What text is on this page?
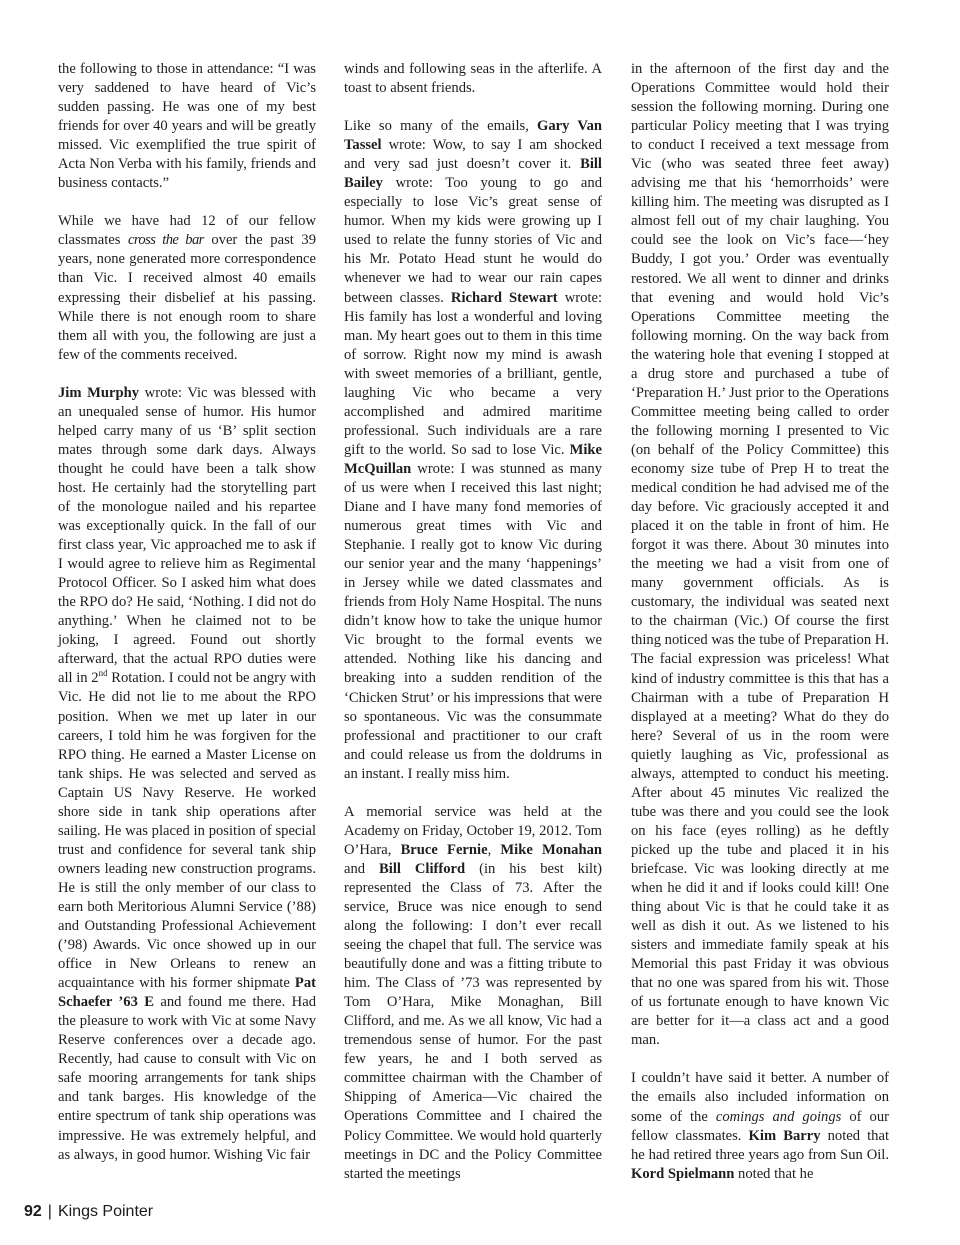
the following to those in attendance: “I was very saddened to have heard of Vic’s sudden passing. He was one of my best friends for over 40 years and will be greatly missed. Vic exemplified the true spirit of Acta Non Verba with his family, friends and business contacts.”

While we have had 12 of our fellow classmates cross the bar over the past 39 years, none generated more correspondence than Vic. I received almost 40 emails expressing their disbelief at his passing. While there is not enough room to share them all with you, the following are just a few of the comments received.

Jim Murphy wrote: Vic was blessed with an unequaled sense of humor. His humor helped carry many of us ‘B’ split section mates through some dark days. Always thought he could have been a talk show host. He certainly had the storytelling part of the monologue nailed and his repartee was exceptionally quick. In the fall of our first class year, Vic approached me to ask if I would agree to relieve him as Regimental Protocol Officer. So I asked him what does the RPO do? He said, ‘Nothing. I did not do anything.’ When he claimed not to be joking, I agreed. Found out shortly afterward, that the actual RPO duties were all in 2nd Rotation. I could not be angry with Vic. He did not lie to me about the RPO position. When we met up later in our careers, I told him he was forgiven for the RPO thing. He earned a Master License on tank ships. He was selected and served as Captain US Navy Reserve. He worked shore side in tank ship operations after sailing. He was placed in position of special trust and confidence for several tank ship owners leading new construction programs. He is still the only member of our class to earn both Meritorious Alumni Service (’88) and Outstanding Professional Achievement (’98) Awards. Vic once showed up in our office in New Orleans to renew an acquaintance with his former shipmate Pat Schaefer ’63 E and found me there. Had the pleasure to work with Vic at some Navy Reserve conferences over a decade ago. Recently, had cause to consult with Vic on safe mooring arrangements for tank ships and tank barges. His knowledge of the entire spectrum of tank ship operations was impressive. He was extremely helpful, and as always, in good humor. Wishing Vic fair

winds and following seas in the afterlife. A toast to absent friends.

Like so many of the emails, Gary Van Tassel wrote: Wow, to say I am shocked and very sad just doesn’t cover it. Bill Bailey wrote: Too young to go and especially to lose Vic’s great sense of humor. When my kids were growing up I used to relate the funny stories of Vic and his Mr. Potato Head stunt he would do whenever we had to wear our rain capes between classes. Richard Stewart wrote: His family has lost a wonderful and loving man. My heart goes out to them in this time of sorrow. Right now my mind is awash with sweet memories of a brilliant, gentle, laughing Vic who became a very accomplished and admired maritime professional. Such individuals are a rare gift to the world. So sad to lose Vic. Mike McQuillan wrote: I was stunned as many of us were when I received this last night; Diane and I have many fond memories of numerous great times with Vic and Stephanie. I really got to know Vic during our senior year and the many ‘happenings’ in Jersey while we dated classmates and friends from Holy Name Hospital. The nuns didn’t know how to take the unique humor Vic brought to the formal events we attended. Nothing like his dancing and breaking into a sudden rendition of the ‘Chicken Strut’ or his impressions that were so spontaneous. Vic was the consummate professional and practitioner to our craft and could release us from the doldrums in an instant. I really miss him.

A memorial service was held at the Academy on Friday, October 19, 2012. Tom O’Hara, Bruce Fernie, Mike Monahan and Bill Clifford (in his best kilt) represented the Class of 73. After the service, Bruce was nice enough to send along the following: I don’t ever recall seeing the chapel that full. The service was beautifully done and was a fitting tribute to him. The Class of ’73 was represented by Tom O’Hara, Mike Monaghan, Bill Clifford, and me. As we all know, Vic had a tremendous sense of humor. For the past few years, he and I both served as committee chairman with the Chamber of Shipping of America—Vic chaired the Operations Committee and I chaired the Policy Committee. We would hold quarterly meetings in DC and the Policy Committee started the meetings

in the afternoon of the first day and the Operations Committee would hold their session the following morning. During one particular Policy meeting that I was trying to conduct I received a text message from Vic (who was seated three feet away) advising me that his ‘hemorrhoids’ were killing him. The meeting was disrupted as I almost fell out of my chair laughing. You could see the look on Vic’s face—‘hey Buddy, I got you.’ Order was eventually restored. We all went to dinner and drinks that evening and would hold Vic’s Operations Committee meeting the following morning. On the way back from the watering hole that evening I stopped at a drug store and purchased a tube of ‘Preparation H.’ Just prior to the Operations Committee meeting being called to order the following morning I presented to Vic (on behalf of the Policy Committee) this economy size tube of Prep H to treat the medical condition he had advised me of the day before. Vic graciously accepted it and placed it on the table in front of him. He forgot it was there. About 30 minutes into the meeting we had a visit from one of many government officials. As is customary, the individual was seated next to the chairman (Vic.) Of course the first thing noticed was the tube of Preparation H. The facial expression was priceless! What kind of industry committee is this that has a Chairman with a tube of Preparation H displayed at a meeting? What do they do here? Several of us in the room were quietly laughing as Vic, professional as always, attempted to conduct his meeting. After about 45 minutes Vic realized the tube was there and you could see the look on his face (eyes rolling) as he deftly picked up the tube and placed it in his briefcase. Vic was looking directly at me when he did it and if looks could kill! One thing about Vic is that he could take it as well as dish it out. As we listened to his sisters and immediate family speak at his Memorial this past Friday it was obvious that no one was spared from his wit. Those of us fortunate enough to have known Vic are better for it—a class act and a good man.

I couldn’t have said it better. A number of the emails also included information on some of the comings and goings of our fellow classmates. Kim Barry noted that he had retired three years ago from Sun Oil. Kord Spielmann noted that he

92 | Kings Pointer
